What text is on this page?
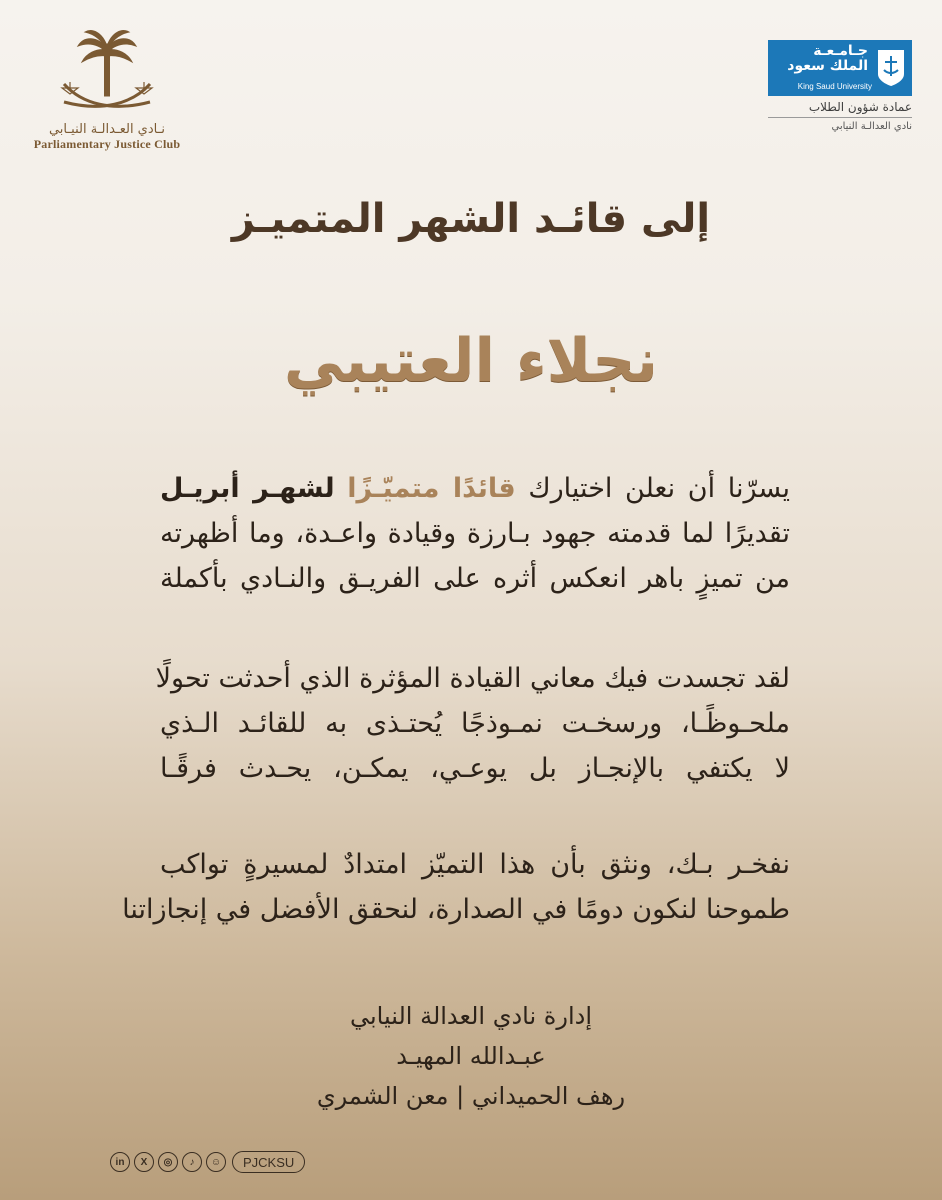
نـادي العـدالـة النيـابي
Parliamentary Justice Club
جـامـعـة
الملك سعود
King Saud University
عمادة شؤون الطلاب
نادي العدالـة النيابي
إلى قائـد الشهر المتميـز
نجلاء العتيبي
يسرّنا أن نعلن اختيارك قائدًا متميّـزًا لشهـر أبريـل
تقديرًا لما قدمته جهود بـارزة وقيادة واعـدة، وما أظهرته
من تميزٍ باهر انعكس أثره على الفريـق والنـادي بأكملة
لقد تجسدت فيك معاني القيادة المؤثرة الذي أحدثت تحولًا
ملحـوظًـا، ورسخـت نمـوذجًا يُحتـذى به للقائـد الـذي
لا يكتفي بالإنجـاز بل يوعـي، يمكـن، يحـدث فرقًـا
نفخـر بـك، ونثق بأن هذا التميّز امتدادٌ لمسيرةٍ تواكب
طموحنا لنكون دومًا في الصدارة، لنحقق الأفضل في إنجازاتنا
إدارة نادي العدالة النيابي
عبـدالله المهيـد
رهف الحميداني | معن الشمري
in	X	◎	♪	☺	PJCKSU
